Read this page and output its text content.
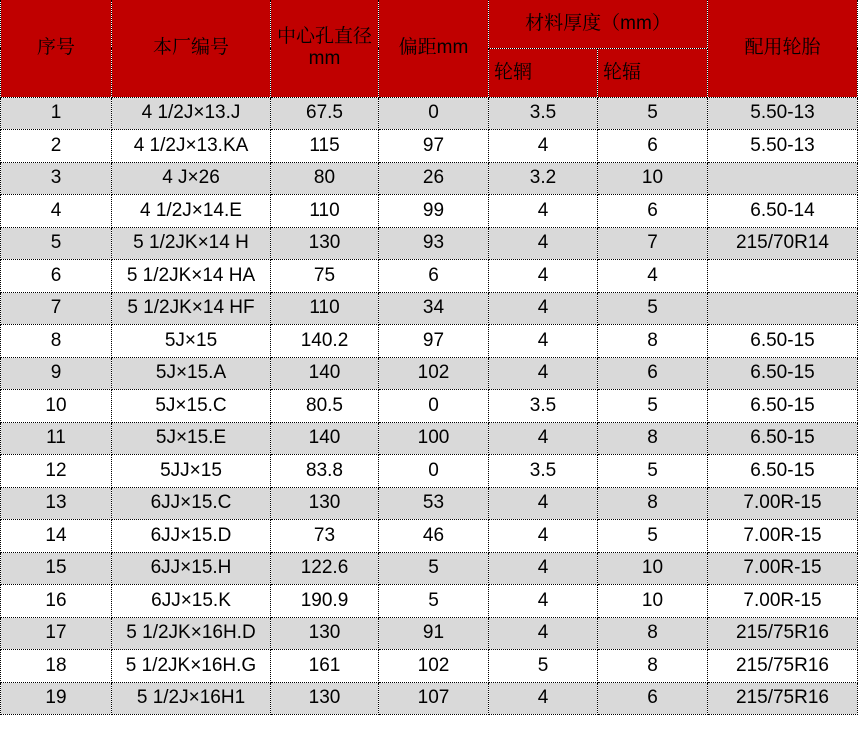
序号	本厂编号	中心孔直径mm	偏距mm	材料厚度（mm）		配用轮胎
				轮辋	轮辐	
1	4 1/2J×13.J	67.5	0	3.5	5	5.50-13
2	4 1/2J×13.KA	115	97	4	6	5.50-13
3	4 J×26	80	26	3.2	10	
4	4 1/2J×14.E	110	99	4	6	6.50-14
5	5 1/2JK×14 H	130	93	4	7	215/70R14
6	5 1/2JK×14 HA	75	6	4	4	
7	5 1/2JK×14 HF	110	34	4	5	
8	5J×15	140.2	97	4	8	6.50-15
9	5J×15.A	140	102	4	6	6.50-15
10	5J×15.C	80.5	0	3.5	5	6.50-15
11	5J×15.E	140	100	4	8	6.50-15
12	5JJ×15	83.8	0	3.5	5	6.50-15
13	6JJ×15.C	130	53	4	8	7.00R-15
14	6JJ×15.D	73	46	4	5	7.00R-15
15	6JJ×15.H	122.6	5	4	10	7.00R-15
16	6JJ×15.K	190.9	5	4	10	7.00R-15
17	5 1/2JK×16H.D	130	91	4	8	215/75R16
18	5 1/2JK×16H.G	161	102	5	8	215/75R16
19	5 1/2J×16H1	130	107	4	6	215/75R16
